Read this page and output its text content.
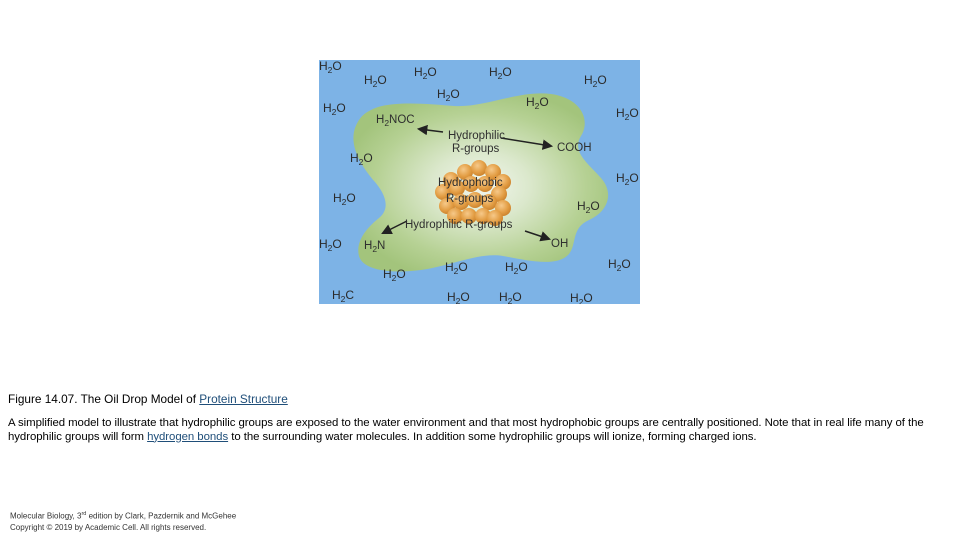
$H_2NOC$
Hydrophilic
R-groups	COOH
Hydrophobic
R-groups
Hydrophilic R-groups
$H_2N$	OH
$H_2O$
$H_2O$
$H_2O$	$H_2O$
$H_2O$
$H_2O$
$H_2O$
$H_2O$	$H_2O$
$H_2O$
$H_2O$
$H_2O$
$H_2O$
$H_2O$
$H_2O$
$H_2O$	$H_2O$	$H_2O$
$H_2O$ $H_2O$	$H_2O$
$H_2C$
Figure 14.07. The Oil Drop Model of Protein Structure
A simplified model to illustrate that hydrophilic groups are exposed to the water environment and that most hydrophobic groups are centrally positioned. Note that in real life many of the hydrophilic groups will form hydrogen bonds to the surrounding water molecules. In addition some hydrophilic groups will ionize, forming charged ions.
Molecular Biology, 3rd edition by Clark, Pazdernik and McGehee
Copyright © 2019 by Academic Cell. All rights reserved.
